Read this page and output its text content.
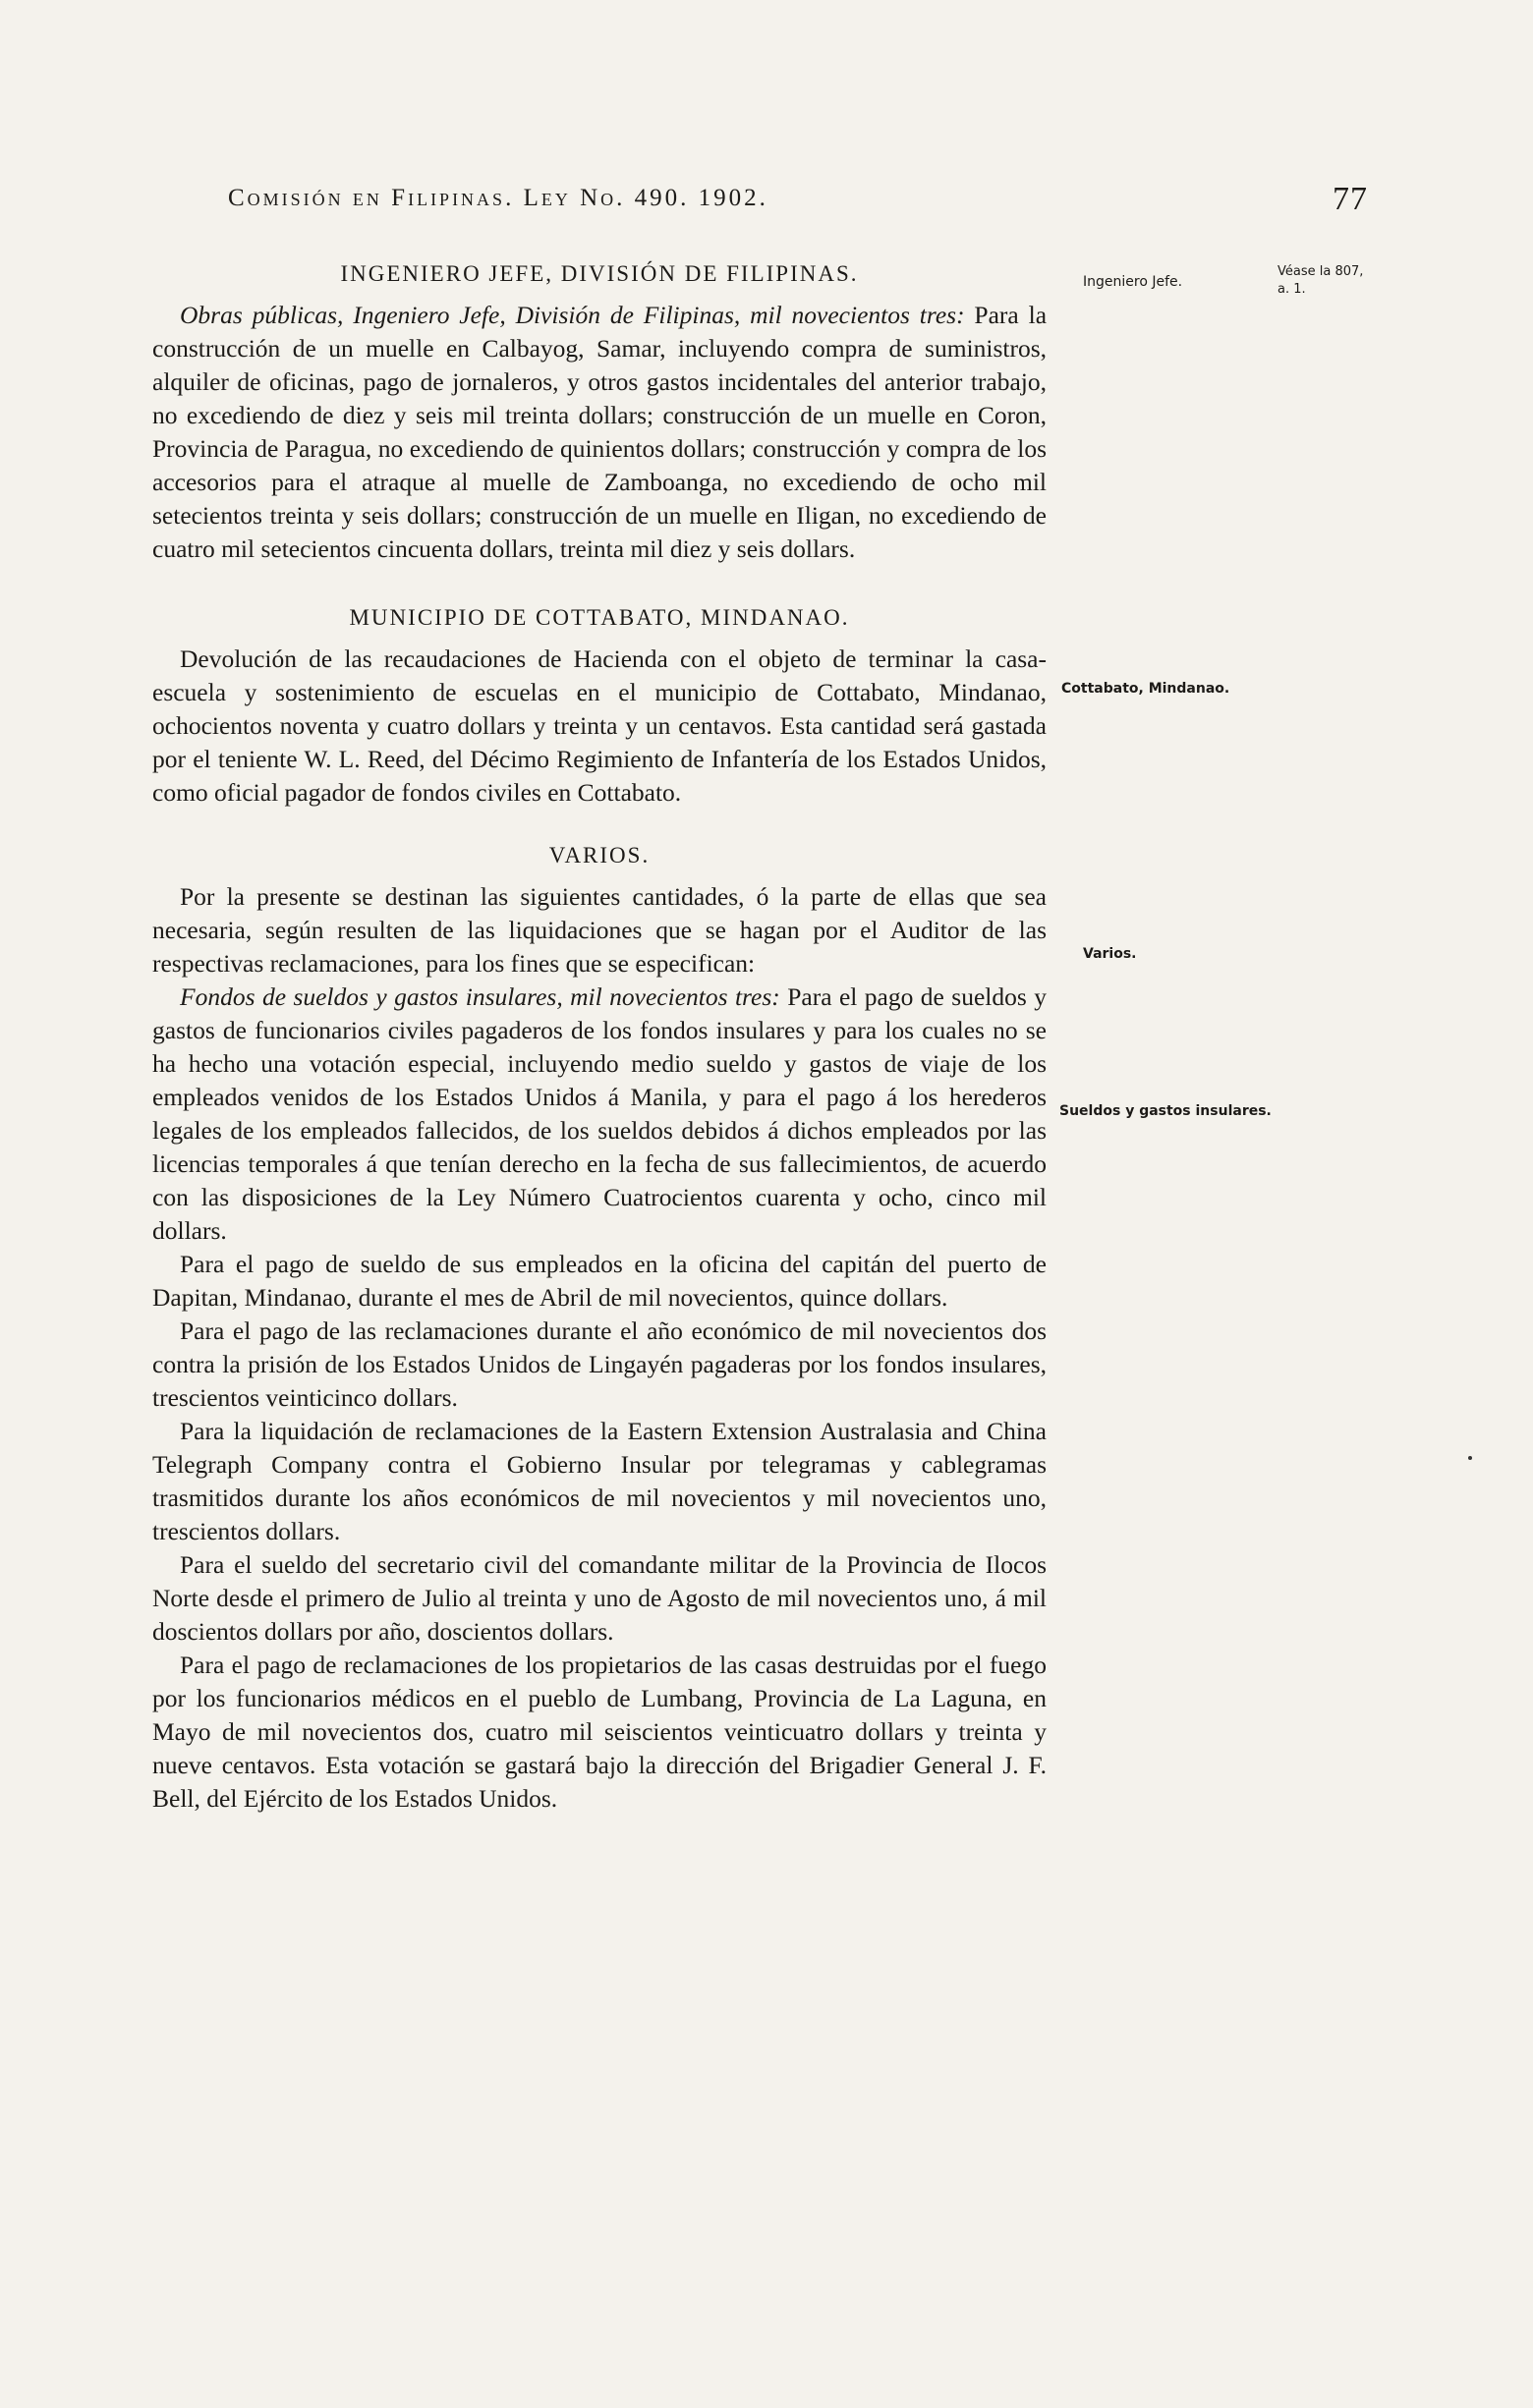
Comisión en Filipinas. Ley No. 490. 1902.	77
Ingeniero Jefe.
Véase la 807, a. 1.
Cottabato, Mindanao.
Varios.
Sueldos y gastos insulares.
INGENIERO JEFE, DIVISIÓN DE FILIPINAS.

Obras públicas, Ingeniero Jefe, División de Filipinas, mil novecientos tres: Para la construcción de un muelle en Calbayog, Samar, incluyendo compra de suministros, alquiler de oficinas, pago de jornaleros, y otros gastos incidentales del anterior trabajo, no excediendo de diez y seis mil treinta dollars; construcción de un muelle en Coron, Provincia de Paragua, no excediendo de quinientos dollars; construcción y compra de los accesorios para el atraque al muelle de Zamboanga, no excediendo de ocho mil setecientos treinta y seis dollars; construcción de un muelle en Iligan, no excediendo de cuatro mil setecientos cincuenta dollars, treinta mil diez y seis dollars.

MUNICIPIO DE COTTABATO, MINDANAO.

Devolución de las recaudaciones de Hacienda con el objeto de terminar la casa-escuela y sostenimiento de escuelas en el municipio de Cottabato, Mindanao, ochocientos noventa y cuatro dollars y treinta y un centavos. Esta cantidad será gastada por el teniente W. L. Reed, del Décimo Regimiento de Infantería de los Estados Unidos, como oficial pagador de fondos civiles en Cottabato.

VARIOS.

Por la presente se destinan las siguientes cantidades, ó la parte de ellas que sea necesaria, según resulten de las liquidaciones que se hagan por el Auditor de las respectivas reclamaciones, para los fines que se especifican:

Fondos de sueldos y gastos insulares, mil novecientos tres: Para el pago de sueldos y gastos de funcionarios civiles pagaderos de los fondos insulares y para los cuales no se ha hecho una votación especial, incluyendo medio sueldo y gastos de viaje de los empleados venidos de los Estados Unidos á Manila, y para el pago á los herederos legales de los empleados fallecidos, de los sueldos debidos á dichos empleados por las licencias temporales á que tenían derecho en la fecha de sus fallecimientos, de acuerdo con las disposiciones de la Ley Número Cuatrocientos cuarenta y ocho, cinco mil dollars.

Para el pago de sueldo de sus empleados en la oficina del capitán del puerto de Dapitan, Mindanao, durante el mes de Abril de mil novecientos, quince dollars.

Para el pago de las reclamaciones durante el año económico de mil novecientos dos contra la prisión de los Estados Unidos de Lingayén pagaderas por los fondos insulares, trescientos veinticinco dollars.

Para la liquidación de reclamaciones de la Eastern Extension Australasia and China Telegraph Company contra el Gobierno Insular por telegramas y cablegramas trasmitidos durante los años económicos de mil novecientos y mil novecientos uno, trescientos dollars.

Para el sueldo del secretario civil del comandante militar de la Provincia de Ilocos Norte desde el primero de Julio al treinta y uno de Agosto de mil novecientos uno, á mil doscientos dollars por año, doscientos dollars.

Para el pago de reclamaciones de los propietarios de las casas destruidas por el fuego por los funcionarios médicos en el pueblo de Lumbang, Provincia de La Laguna, en Mayo de mil novecientos dos, cuatro mil seiscientos veinticuatro dollars y treinta y nueve centavos. Esta votación se gastará bajo la dirección del Brigadier General J. F. Bell, del Ejército de los Estados Unidos.
